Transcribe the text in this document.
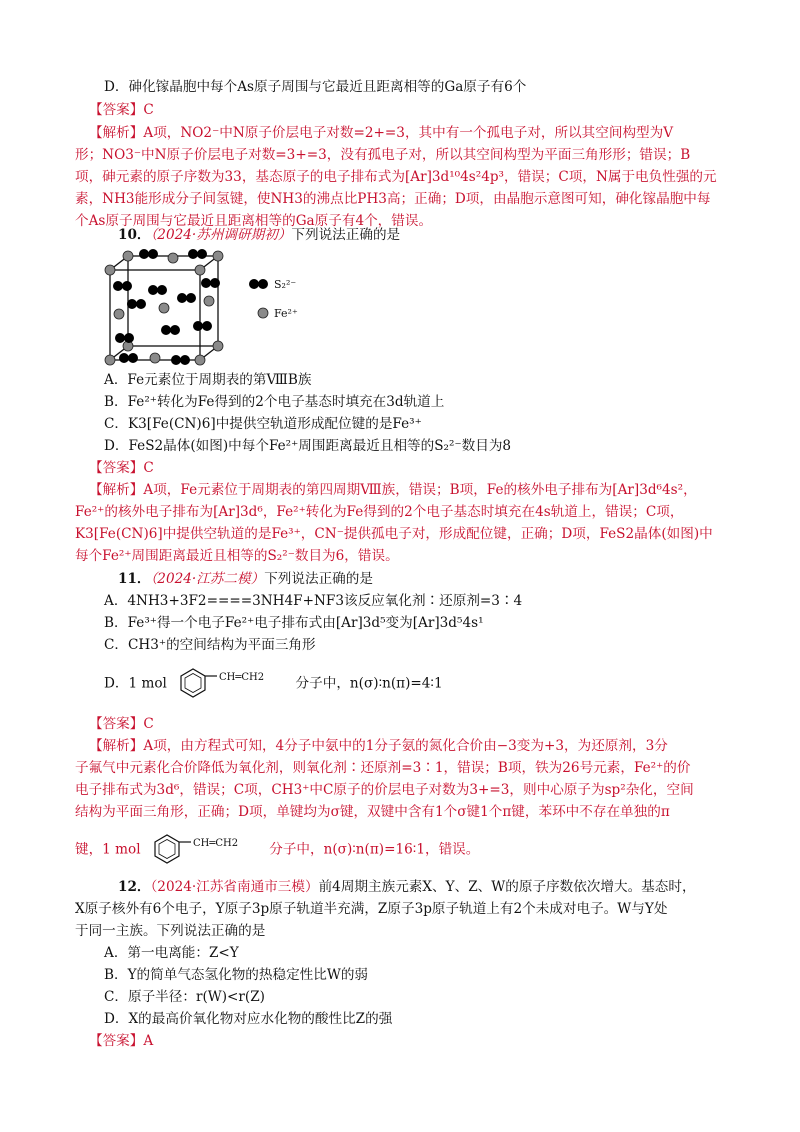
D．砷化镓晶胞中每个As原子周围与它最近且距离相等的Ga原子有6个
【答案】C
【解析】A项，NO2⁻中N原子价层电子对数=2+=3，其中有一个孤电子对，所以其空间构型为V
形；NO3⁻中N原子价层电子对数=3+=3，没有孤电子对，所以其空间构型为平面三角形形；错误；B
项，砷元素的原子序数为33，基态原子的电子排布式为[Ar]3d¹⁰4s²4p³，错误；C项，N属于电负性强的元
素，NH3能形成分子间氢键，使NH3的沸点比PH3高；正确；D项，由晶胞示意图可知，砷化镓晶胞中每
个As原子周围与它最近且距离相等的Ga原子有4个，错误。
10．（2024·苏州调研期初）下列说法正确的是
S₂²⁻
Fe²⁺
A．Fe元素位于周期表的第ⅧB族
B．Fe²⁺转化为Fe得到的2个电子基态时填充在3d轨道上
C．K3[Fe(CN)6]中提供空轨道形成配位键的是Fe³⁺
D．FeS2晶体(如图)中每个Fe²⁺周围距离最近且相等的S₂²⁻数目为8
【答案】C
【解析】A项，Fe元素位于周期表的第四周期Ⅷ族，错误；B项，Fe的核外电子排布为[Ar]3d⁶4s²，
Fe²⁺的核外电子排布为[Ar]3d⁶，Fe²⁺转化为Fe得到的2个电子基态时填充在4s轨道上，错误；C项，
K3[Fe(CN)6]中提供空轨道的是Fe³⁺，CN⁻提供孤电子对，形成配位键，正确；D项，FeS2晶体(如图)中
每个Fe²⁺周围距离最近且相等的S₂²⁻数目为6，错误。
11．（2024·江苏二模）下列说法正确的是
A．4NH3+3F2====3NH4F+NF3该反应氧化剂∶还原剂=3∶4
B．Fe³⁺得一个电子Fe²⁺电子排布式由[Ar]3d⁵变为[Ar]3d⁵4s¹
C．CH3⁺的空间结构为平面三角形
D．1 mol	CH═CH2 分子中，n(σ)∶n(π)=4∶1
【答案】C
【解析】A项，由方程式可知，4分子中氨中的1分子氨的氮化合价由−3变为+3，为还原剂，3分
子氟气中元素化合价降低为氧化剂，则氧化剂∶还原剂=3∶1，错误；B项，铁为26号元素，Fe²⁺的价
电子排布式为3d⁶，错误；C项，CH3⁺中C原子的价层电子对数为3+=3，则中心原子为sp²杂化，空间
结构为平面三角形，正确；D项，单键均为σ键，双键中含有1个σ键1个π键，苯环中不存在单独的π
键，1 mol	CH═CH2 分子中，n(σ)∶n(π)=16∶1，错误。
12．（2024·江苏省南通市三模）前4周期主族元素X、Y、Z、W的原子序数依次增大。基态时，
X原子核外有6个电子，Y原子3p原子轨道半充满，Z原子3p原子轨道上有2个未成对电子。W与Y处
于同一主族。下列说法正确的是
A．第一电离能：Z<Y
B．Y的简单气态氢化物的热稳定性比W的弱
C．原子半径：r(W)<r(Z)
D．X的最高价氧化物对应水化物的酸性比Z的强
【答案】A
